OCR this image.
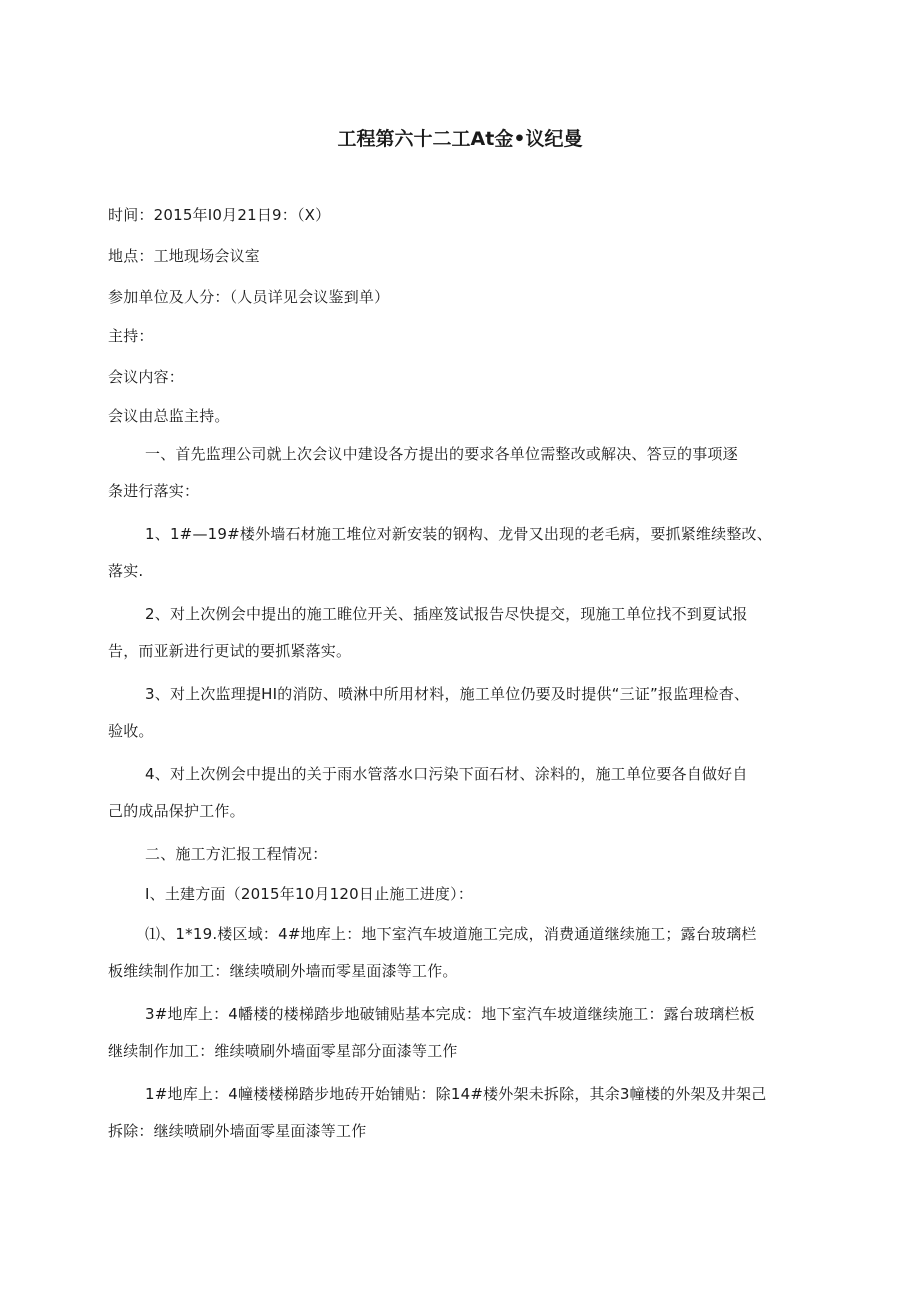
工程第六十二工At金•议纪曼
时间：2015年I0月21日9：（X）
地点：工地现场会议室
参加单位及人分：（人员详见会议鉴到单）
主持：
会议内容：
会议由总监主持。
一、首先监理公司就上次会议中建设各方提出的要求各单位需整改或解决、答豆的事项逐
条进行落实：
1、1#—19#楼外墙石材施工堆位对新安装的钢构、龙骨又出现的老毛病，要抓紧维续整改、
落实.
2、对上次例会中提出的施工睢位开关、插座笈试报告尽快提交，现施工单位找不到夏试报
告，而亚新进行更试的要抓紧落实。
3、对上次监理提HI的消防、喷淋中所用材料，施工单位仍要及时提供“三证”报监理检杳、
验收。
4、对上次例会中提出的关于雨水管落水口污染下面石材、涂料的，施工单位要各自做好自
己的成品保护工作。
二、施工方汇报工程情况：
I、土建方面（2015年10月120日止施工进度）：
⑴、1*19.楼区域：4#地库上：地下室汽车坡道施工完成，消费通道继续施工；露台玻璃栏
板维续制作加工：继续喷刷外墙而零星面漆等工作。
3#地库上：4幡楼的楼梯踏步地破铺贴基本完成：地下室汽车坡道继续施工：露台玻璃栏板
继续制作加工：维续喷刷外墙面零星部分面漆等工作
1#地库上：4幢楼楼梯踏步地砖开始铺贴：除14#楼外架未拆除，其余3幢楼的外架及井架己
拆除：继续喷刷外墙面零星面漆等工作
